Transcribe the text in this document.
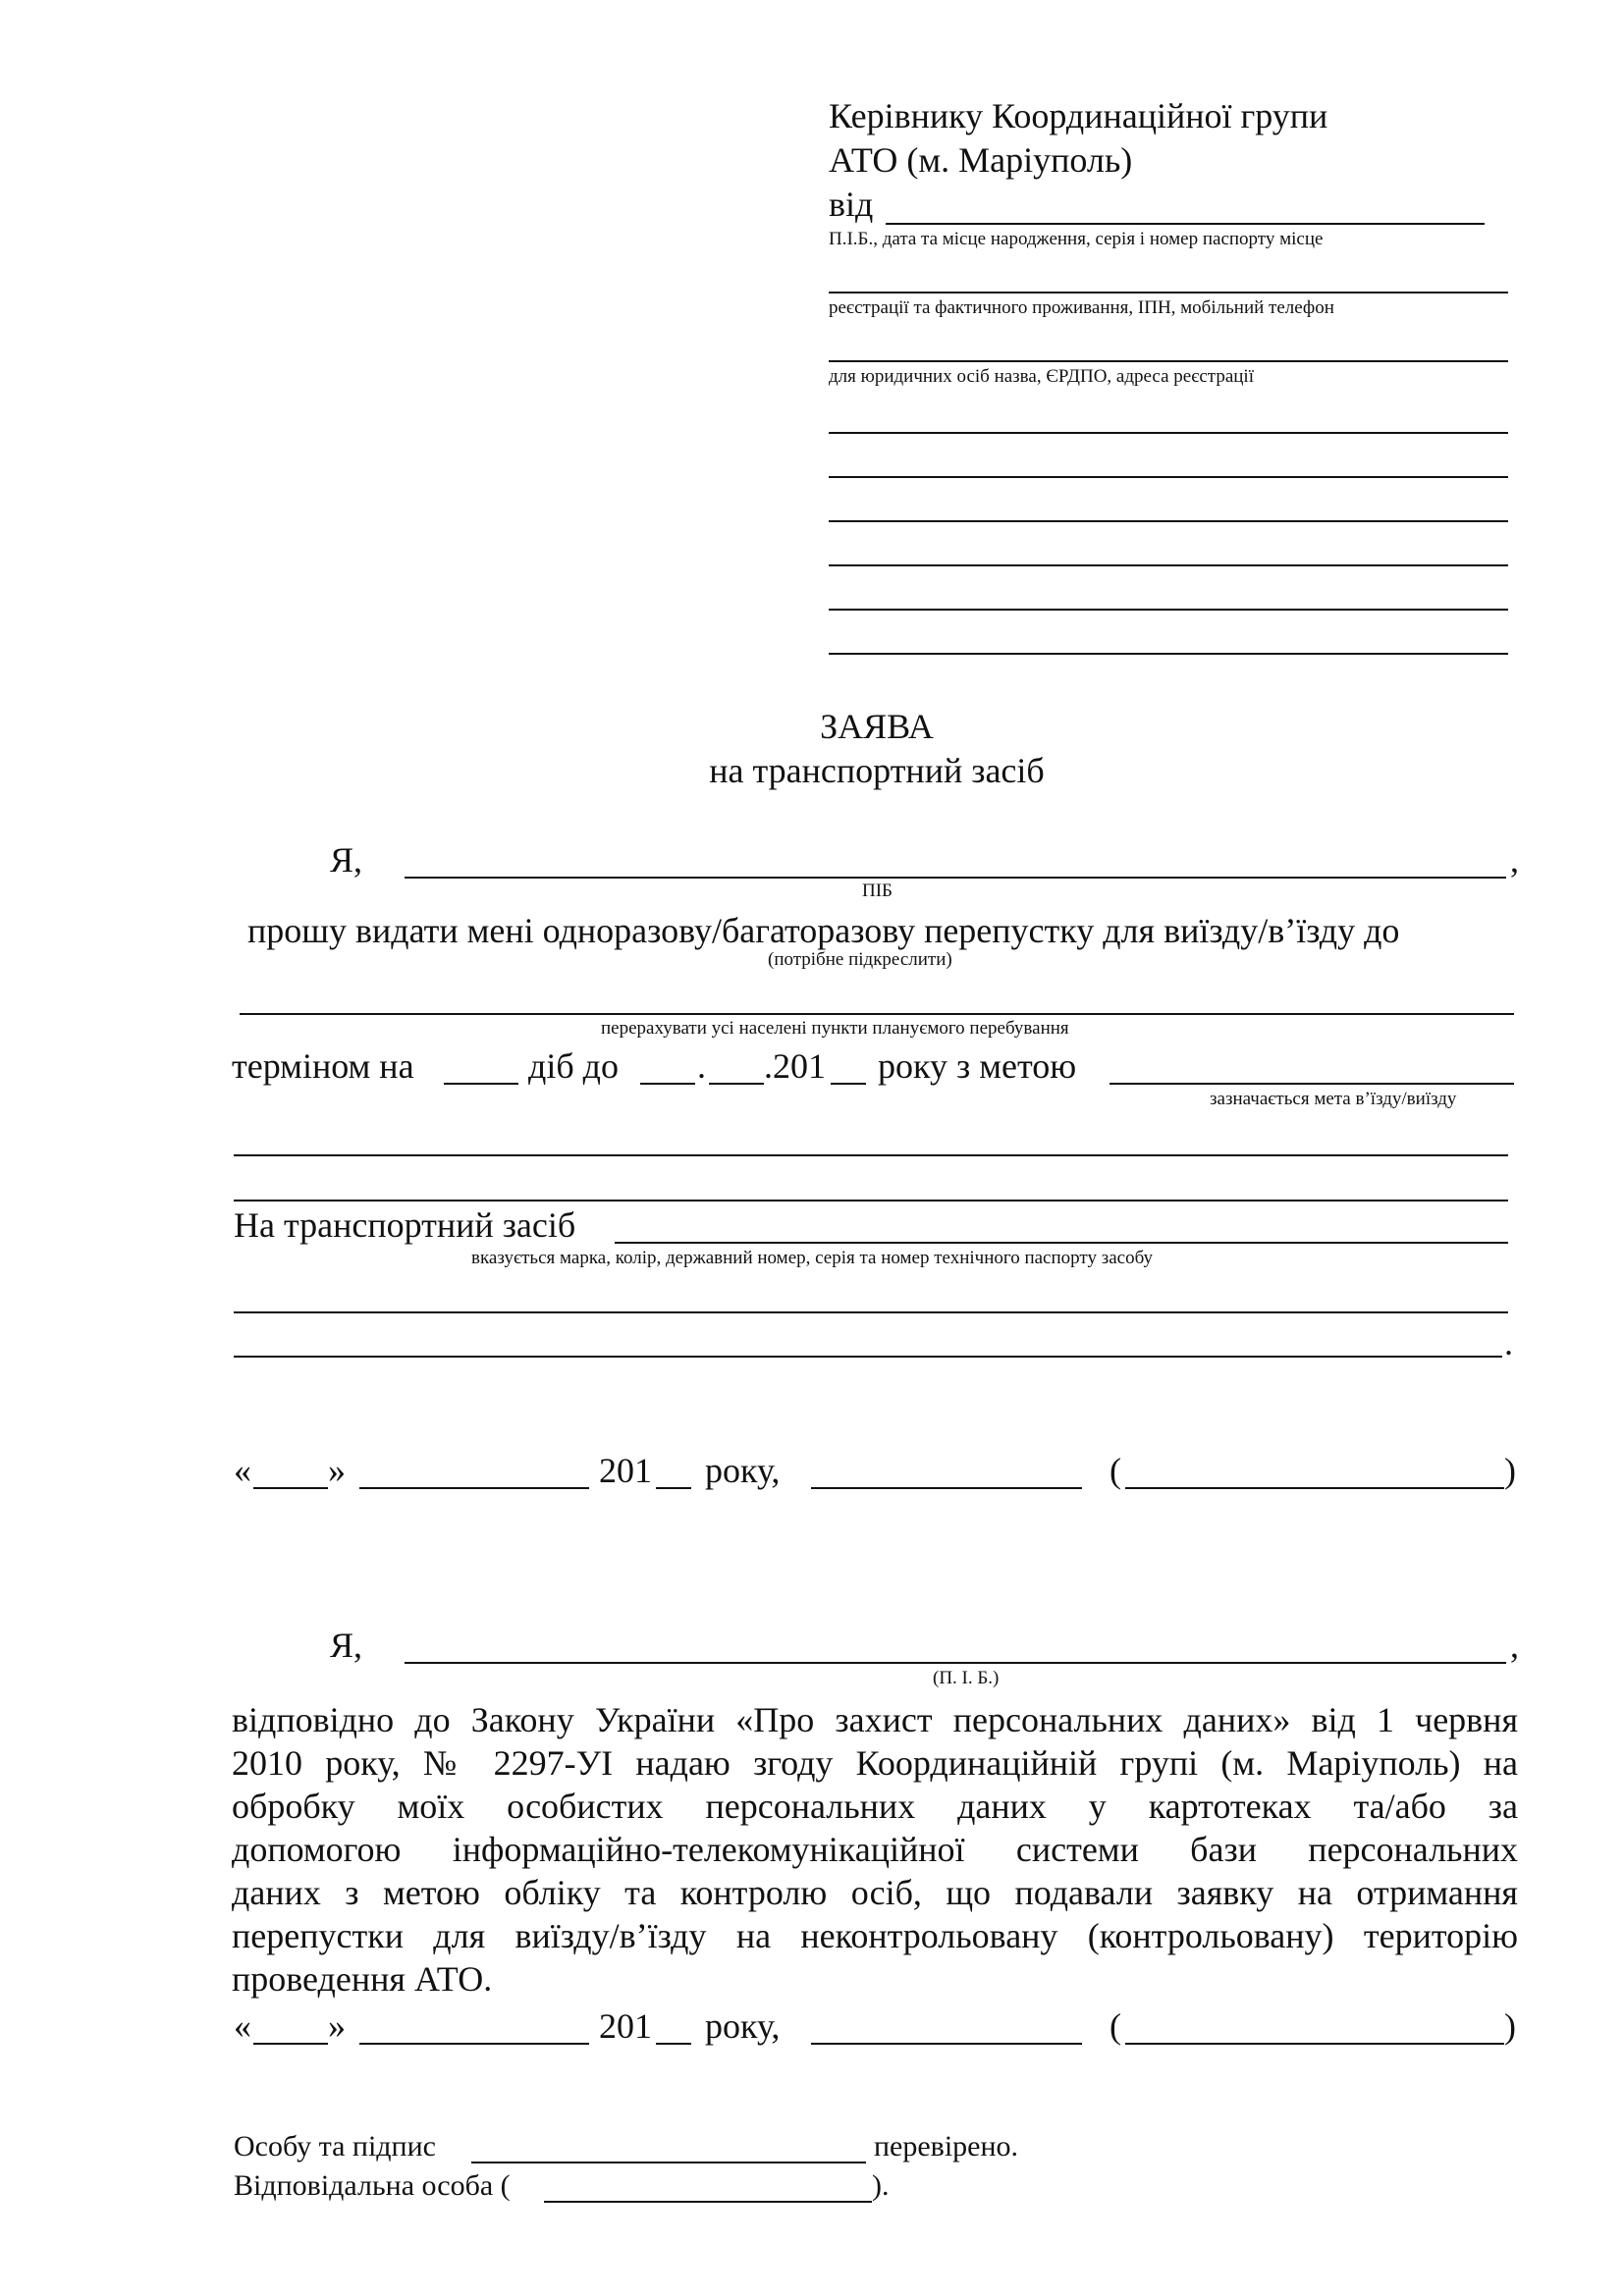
Керівнику Координаційної групи
АТО (м. Маріуполь)
від
П.І.Б., дата та місце народження, серія і номер паспорту місце
реєстрації та фактичного проживання, ІПН, мобільний телефон
для юридичних осіб назва, ЄРДПО, адреса реєстрації
ЗАЯВА
на транспортний засіб
Я,	,
ПІБ
прошу видати мені одноразову/багаторазову перепустку для виїзду/в’їзду до
(потрібне підкреслити)
перерахувати усі населені пункти плануємого перебування
терміном на	діб до . .201 року з метою
зазначається мета в’їзду/виїзду
На транспортний засіб
вказується марка, колір, державний номер, серія та номер технічного паспорту засобу
.
« »	201 року,	(	)
Я,	,
(П. І. Б.)
відповідно до Закону України «Про захист персональних даних» від 1 червня
2010 року, № 2297-УІ надаю згоду Координаційній групі (м. Маріуполь) на
обробку моїх особистих персональних даних у картотеках та/або за
допомогою інформаційно-телекомунікаційної системи бази персональних
даних з метою обліку та контролю осіб, що подавали заявку на отримання
перепустки для виїзду/в’їзду на неконтрольовану (контрольовану) територію
проведення АТО.
« »	201 року,	(	)
Особу та підпис	перевірено.
Відповідальна особа (	).
